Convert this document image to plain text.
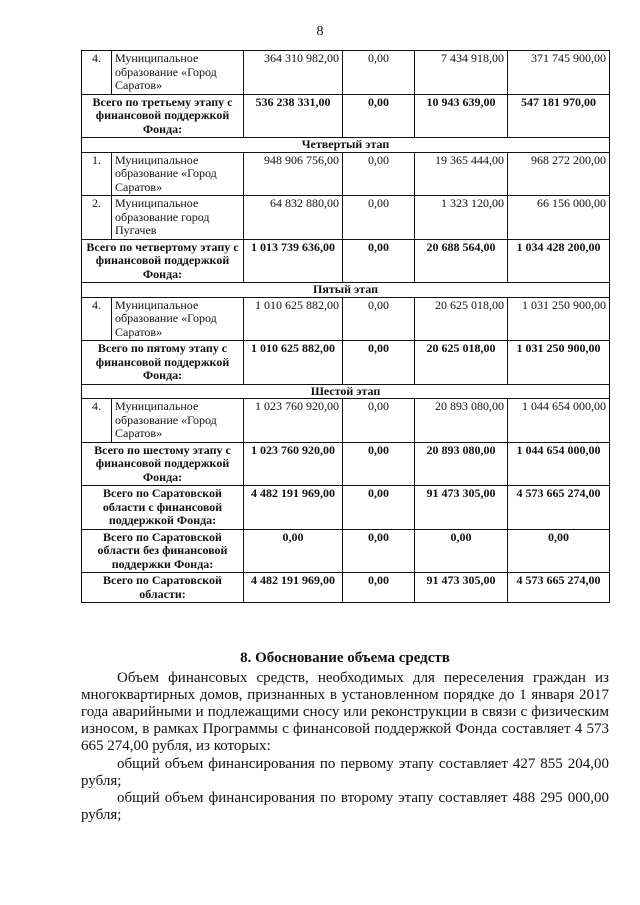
8
4.	Муниципальное образование «Город Саратов»	364 310 982,00	0,00	7 434 918,00	371 745 900,00
Всего по третьему этапу с финансовой поддержкой Фонда:		536 238 331,00	0,00	10 943 639,00	547 181 970,00
Четвертый этап					
1.	Муниципальное образование «Город Саратов»	948 906 756,00	0,00	19 365 444,00	968 272 200,00
2.	Муниципальное образование город Пугачев	64 832 880,00	0,00	1 323 120,00	66 156 000,00
Всего по четвертому этапу с финансовой поддержкой Фонда:		1 013 739 636,00	0,00	20 688 564,00	1 034 428 200,00
Пятый этап					
4.	Муниципальное образование «Город Саратов»	1 010 625 882,00	0,00	20 625 018,00	1 031 250 900,00
Всего по пятому этапу с финансовой поддержкой Фонда:		1 010 625 882,00	0,00	20 625 018,00	1 031 250 900,00
Шестой этап					
4.	Муниципальное образование «Город Саратов»	1 023 760 920,00	0,00	20 893 080,00	1 044 654 000,00
Всего по шестому этапу с финансовой поддержкой Фонда:		1 023 760 920,00	0,00	20 893 080,00	1 044 654 000,00
Всего по Саратовской области с финансовой поддержкой Фонда:		4 482 191 969,00	0,00	91 473 305,00	4 573 665 274,00
Всего по Саратовской области без финансовой поддержки Фонда:		0,00	0,00	0,00	0,00
Всего по Саратовской области:		4 482 191 969,00	0,00	91 473 305,00	4 573 665 274,00
8. Обоснование объема средств

Объем финансовых средств, необходимых для переселения граждан из многоквартирных домов, признанных в установленном порядке до 1 января 2017 года аварийными и подлежащими сносу или реконструкции в связи с физическим износом, в рамках Программы с финансовой поддержкой Фонда составляет 4 573 665 274,00 рубля, из которых:

общий объем финансирования по первому этапу составляет 427 855 204,00 рубля;

общий объем финансирования по второму этапу составляет 488 295 000,00 рубля;
